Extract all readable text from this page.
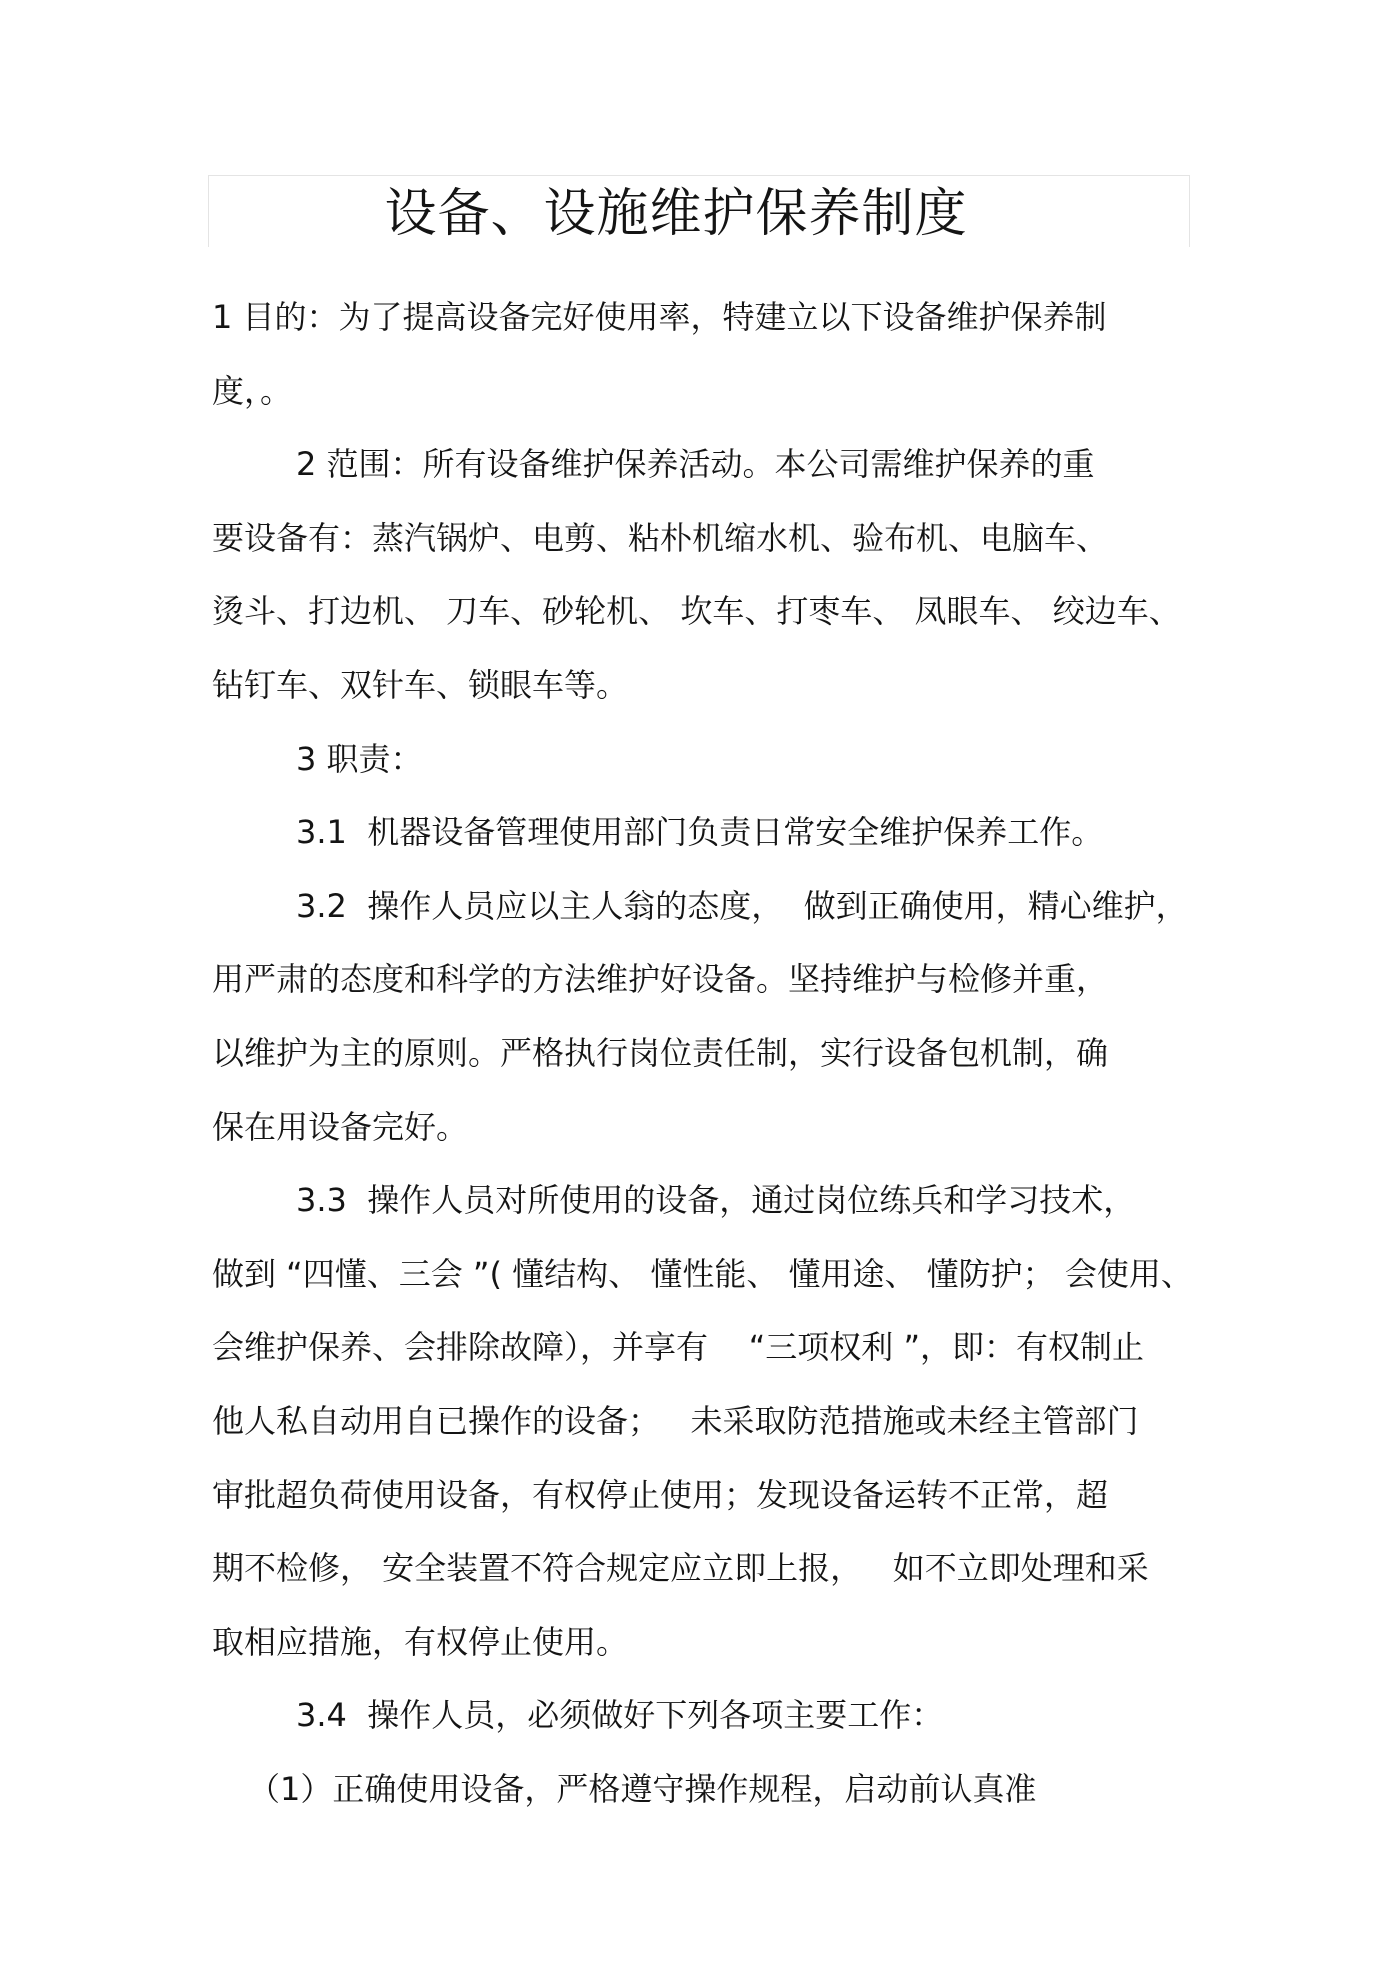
设备、设施维护保养制度
1 目的：为了提高设备完好使用率，特建立以下设备维护保养制
度，。
2 范围：所有设备维护保养活动。本公司需维护保养的重
要设备有：蒸汽锅炉、电剪、粘朴机缩水机、验布机、电脑车、
烫斗、打边机、 刀车、砂轮机、 坎车、打枣车、 凤眼车、 绞边车、
钻钉车、双针车、锁眼车等。
3 职责：
3.1  机器设备管理使用部门负责日常安全维护保养工作。
3.2  操作人员应以主人翁的态度，  做到正确使用，精心维护，
用严肃的态度和科学的方法维护好设备。坚持维护与检修并重，
以维护为主的原则。严格执行岗位责任制，实行设备包机制，确
保在用设备完好。
3.3  操作人员对所使用的设备，通过岗位练兵和学习技术，
做到 “四懂、三会 ”( 懂结构、 懂性能、 懂用途、 懂防护； 会使用、
会维护保养、会排除故障），并享有    “三项权利 ”，即：有权制止
他人私自动用自已操作的设备；   未采取防范措施或未经主管部门
审批超负荷使用设备，有权停止使用；发现设备运转不正常，超
期不检修， 安全装置不符合规定应立即上报，   如不立即处理和采
取相应措施，有权停止使用。
3.4  操作人员，必须做好下列各项主要工作：
（1）正确使用设备，严格遵守操作规程，启动前认真准
